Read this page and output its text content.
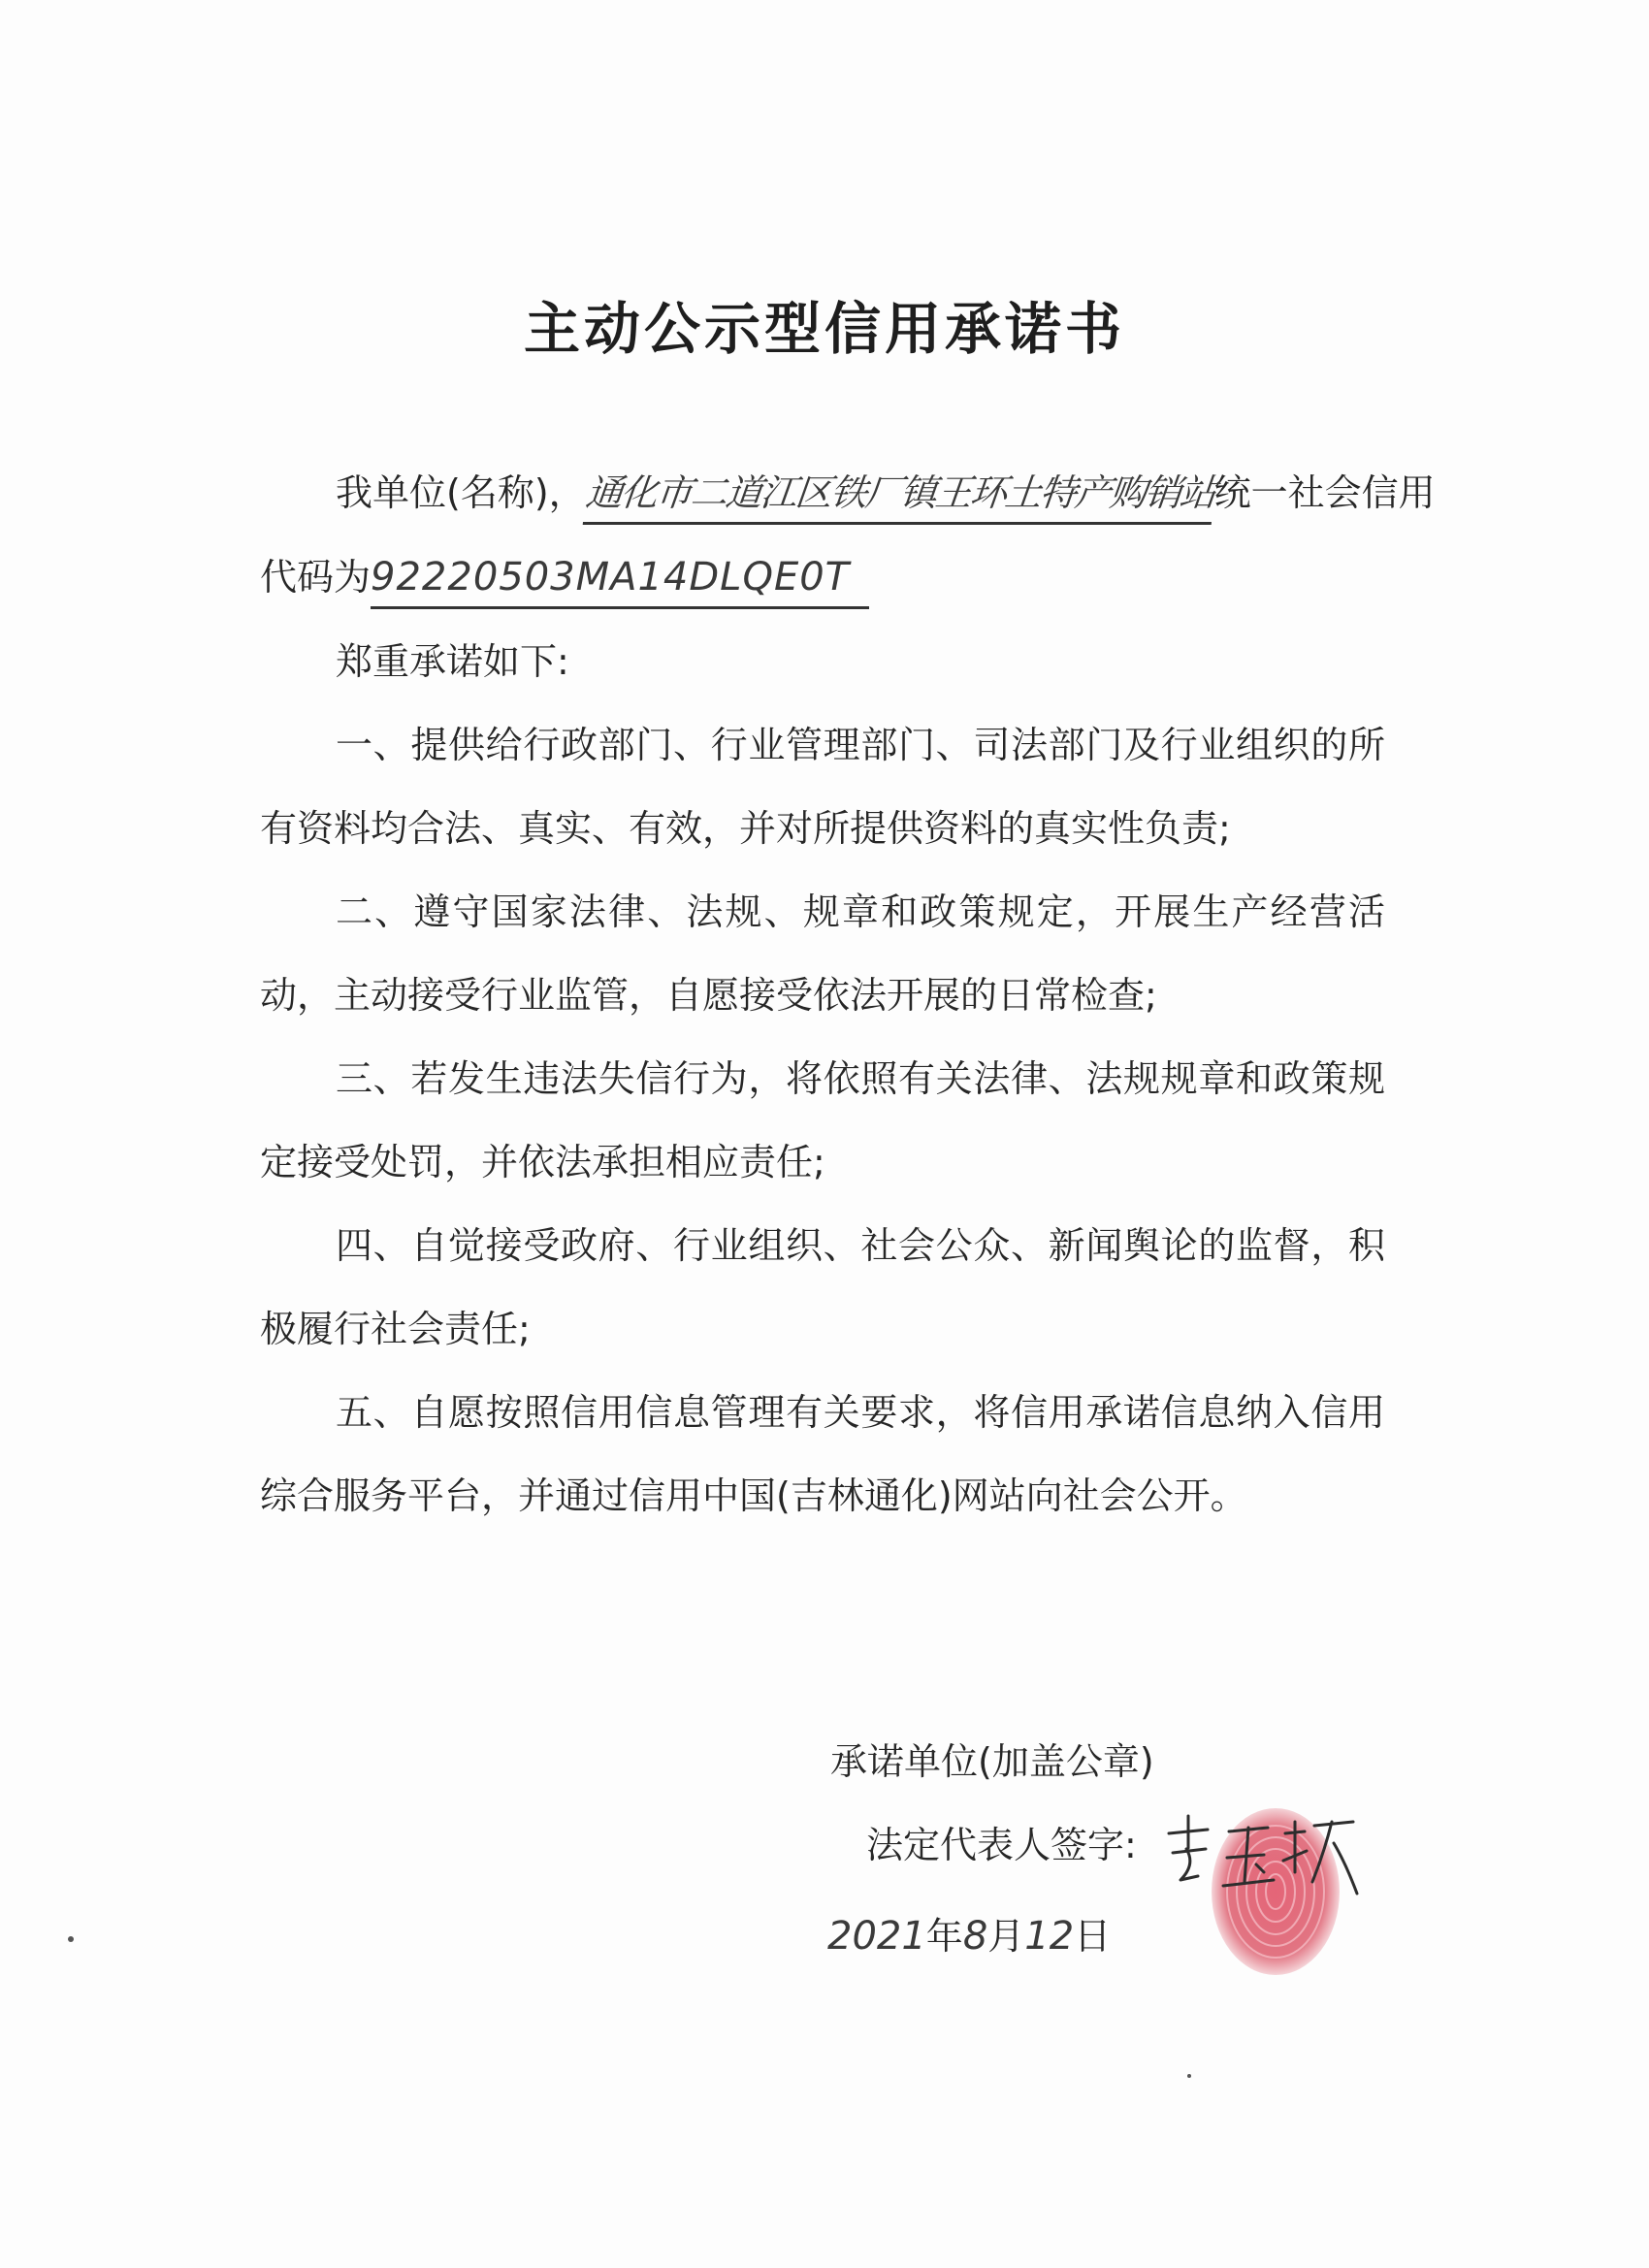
主动公示型信用承诺书
我单位(名称)，通化市二道江区铁厂镇王环土特产购销站统一社会信用
代码为92220503MA14DLQE0T
郑重承诺如下:
一、提供给行政部门、行业管理部门、司法部门及行业组织的所有资料均合法、真实、有效，并对所提供资料的真实性负责;
二、遵守国家法律、法规、规章和政策规定，开展生产经营活动，主动接受行业监管，自愿接受依法开展的日常检查;
三、若发生违法失信行为，将依照有关法律、法规规章和政策规定接受处罚，并依法承担相应责任;
四、自觉接受政府、行业组织、社会公众、新闻舆论的监督，积极履行社会责任;
五、自愿按照信用信息管理有关要求，将信用承诺信息纳入信用综合服务平台，并通过信用中国(吉林通化)网站向社会公开。
承诺单位(加盖公章)
法定代表人签字:
2021年8月12日
